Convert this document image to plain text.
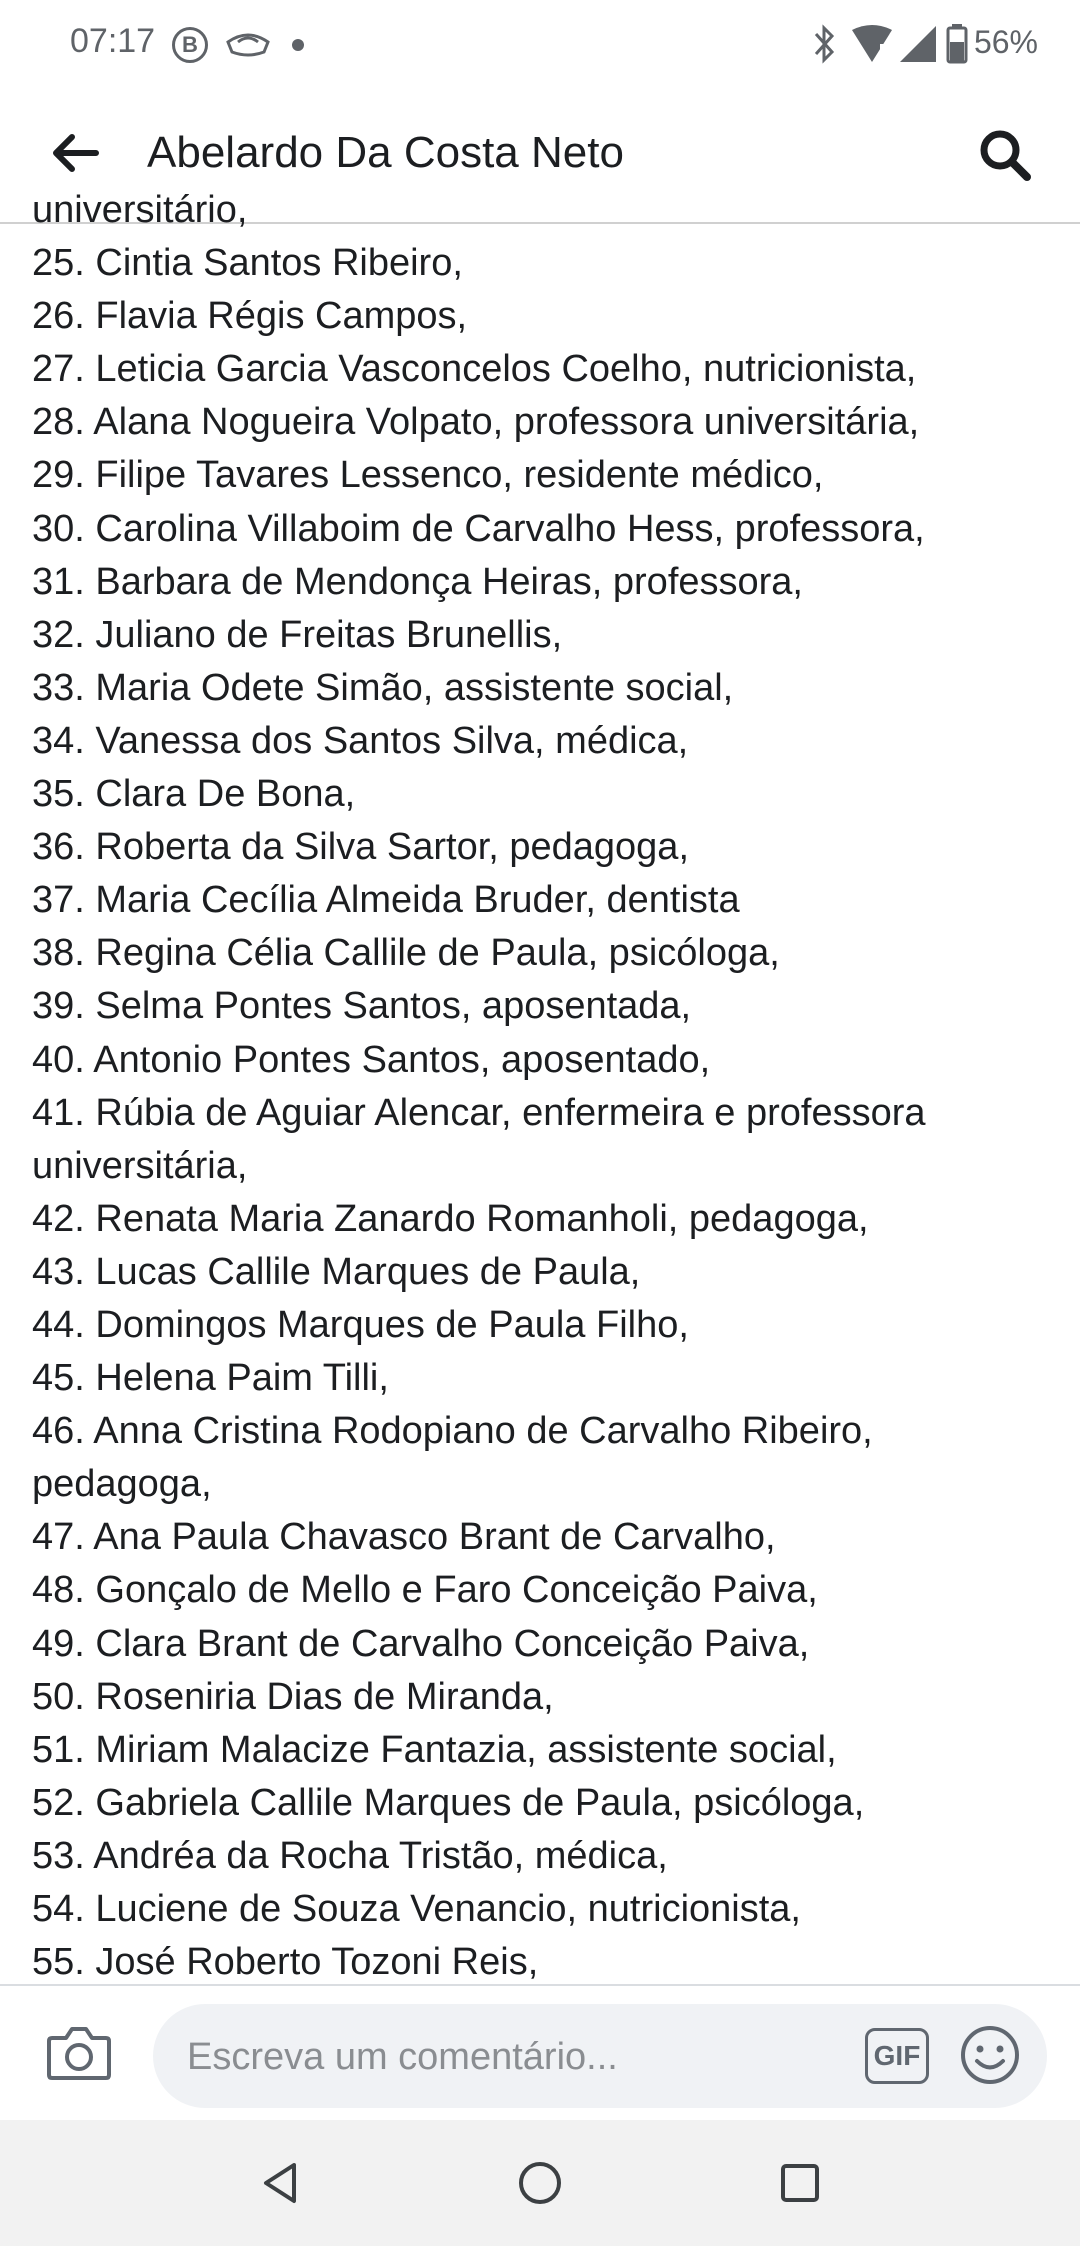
07:17	B	56%
Abelardo Da Costa Neto
universitário,
25. Cintia Santos Ribeiro,
26. Flavia Régis Campos,
27. Leticia Garcia Vasconcelos Coelho, nutricionista,
28. Alana Nogueira Volpato, professora universitária,
29. Filipe Tavares Lessenco, residente médico,
30. Carolina Villaboim de Carvalho Hess, professora,
31. Barbara de Mendonça Heiras, professora,
32. Juliano de Freitas Brunellis,
33. Maria Odete Simão, assistente social,
34. Vanessa dos Santos Silva, médica,
35. Clara De Bona,
36. Roberta da Silva Sartor, pedagoga,
37. Maria Cecília Almeida Bruder, dentista
38. Regina Célia Callile de Paula, psicóloga,
39. Selma Pontes Santos, aposentada,
40. Antonio Pontes Santos, aposentado,
41. Rúbia de Aguiar Alencar, enfermeira e professora universitária,
42. Renata Maria Zanardo Romanholi, pedagoga,
43. Lucas Callile Marques de Paula,
44. Domingos Marques de Paula Filho,
45. Helena Paim Tilli,
46. Anna Cristina Rodopiano de Carvalho Ribeiro, pedagoga,
47. Ana Paula Chavasco Brant de Carvalho,
48. Gonçalo de Mello e Faro Conceição Paiva,
49. Clara Brant de Carvalho Conceição Paiva,
50. Roseniria Dias de Miranda,
51. Miriam Malacize Fantazia, assistente social,
52. Gabriela Callile Marques de Paula, psicóloga,
53. Andréa da Rocha Tristão, médica,
54. Luciene de Souza Venancio, nutricionista,
55. José Roberto Tozoni Reis,
Escreva um comentário...
GIF
